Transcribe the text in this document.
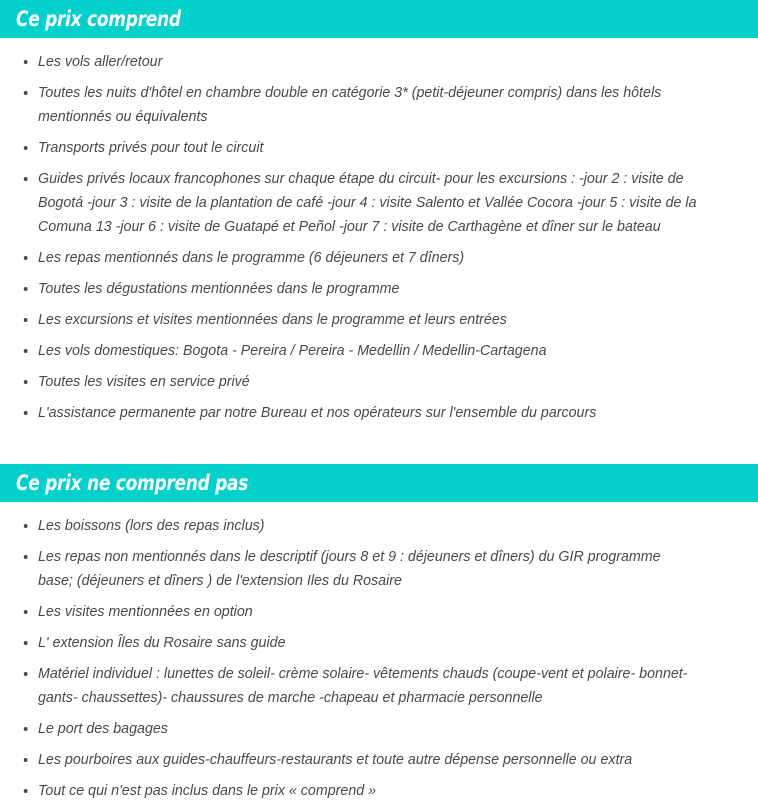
Ce prix comprend
Les vols aller/retour
Toutes les nuits d'hôtel en chambre double en catégorie 3* (petit-déjeuner compris) dans les hôtels mentionnés ou équivalents
Transports privés pour tout le circuit
Guides privés locaux francophones sur chaque étape du circuit- pour les excursions : -jour 2 : visite de Bogotá -jour 3 : visite de la plantation de café -jour 4 : visite Salento et Vallée Cocora -jour 5 : visite de la Comuna 13 -jour 6 : visite de Guatapé et Peñol -jour 7 : visite de Carthagène et dîner sur le bateau
Les repas mentionnés dans le programme (6 déjeuners et 7 dîners)
Toutes les dégustations mentionnées dans le programme
Les excursions et visites mentionnées dans le programme et leurs entrées
Les vols domestiques: Bogota - Pereira / Pereira - Medellin / Medellin-Cartagena
Toutes les visites en service privé
L'assistance permanente par notre Bureau et nos opérateurs sur l'ensemble du parcours
Ce prix ne comprend pas
Les boissons (lors des repas inclus)
Les repas non mentionnés dans le descriptif (jours 8 et 9 : déjeuners et dîners) du GIR programme base; (déjeuners et dîners ) de l'extension Iles du Rosaire
Les visites mentionnées en option
L' extension Îles du Rosaire sans guide
Matériel individuel : lunettes de soleil- crème solaire- vêtements chauds (coupe-vent et polaire- bonnet- gants- chaussettes)- chaussures de marche -chapeau et pharmacie personnelle
Le port des bagages
Les pourboires aux guides-chauffeurs-restaurants et toute autre dépense personnelle ou extra
Tout ce qui n'est pas inclus dans le prix « comprend »
